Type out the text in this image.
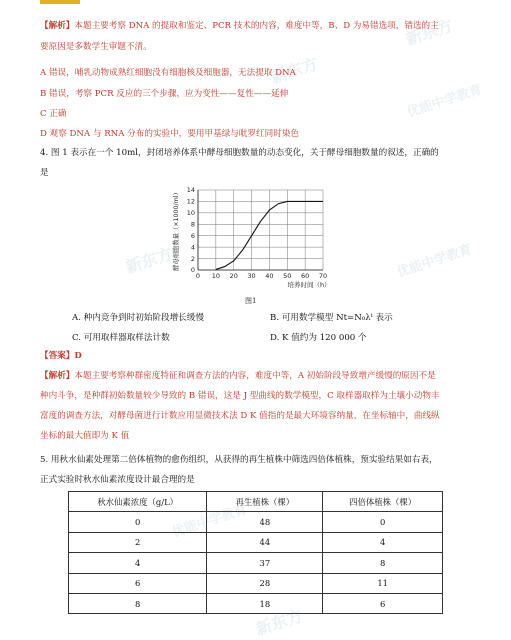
新东方
优能中学教育
新东方
优能中学教育
新东方
优能中学教育
新东方
【解析】本题主要考察 DNA 的提取和鉴定、PCR 技术的内容，难度中等，B、D 为易错选项，错选的主
要原因是多数学生审题不清。
A 错误，哺乳动物成熟红细胞没有细胞核及细胞器，无法提取 DNA
B 错误，考察 PCR 反应的三个步骤，应为变性——复性——延伸
C 正确
D 观察 DNA 与 RNA 分布的实验中，要用甲基绿与吡罗红同时染色
4. 图 1 表示在一个 10ml，封闭培养体系中酵母细胞数量的动态变化，关于酵母细胞数量的叙述，正确的
是
0 10 20 30 40 50 60 70
0
2
4
6
8
10
12
14
培养时间（h）
酵母细胞数量（×1000/ml）
图1
A. 种内竞争到时初始阶段增长缓慢	B. 可用数学模型 Nt=N₀λᵗ 表示
C. 可用取样器取样法计数	D. K 值约为 120 000 个
【答案】D
【解析】本题主要考察种群密度特征和调查方法的内容，难度中等，A 初始阶段导致增产缓慢的原因不是
种内斗争，是种群初始数量较少导致的 B 错误，这是 J 型曲线的数学模型，C 取样器取样为土壤小动物丰
富度的调查方法，对酵母菌进行计数应用显微技术法 D K 值指的是最大环境容纳量，在坐标轴中，曲线纵
坐标的最大值即为 K 值
5. 用秋水仙素处理第二倍体植物的愈伤组织，从获得的再生植株中筛选四倍体植株，预实验结果如右表，
正式实验时秋水仙素浓度设计最合理的是
秋水仙素浓度（g/L）	再生植株（棵）	四倍体植株（棵）
0	48	0
2	44	4
4	37	8
6	28	11
8	18	6
